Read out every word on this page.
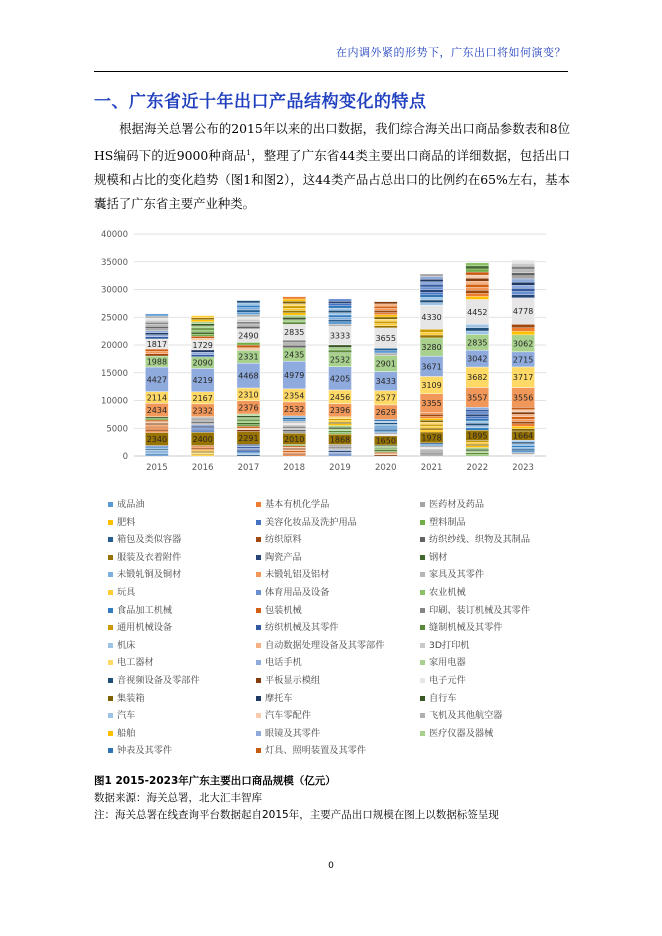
在内调外紧的形势下，广东出口将如何演变？
一、广东省近十年出口产品结构变化的特点
根据海关总署公布的2015年以来的出口数据，我们综合海关出口商品参数表和8位HS编码下的近9000种商品$^1$，整理了广东省44类主要出口商品的详细数据，包括出口规模和占比的变化趋势（图1和图2），这44类产品占总出口的比例约在65%左右，基本囊括了广东省主要产业种类。
0
5000
10000
15000
20000
25000
30000
35000
40000
2340
2434
2114
4427
1988
1817
2015
2400
2332
2167
4219
2090
1729
2016
2291
2376
2310
4468
2331
2490
2017
2010
2532
2354
4979
2435
2835
2018
1868
2396
2456
4205
2532
3333
2019
1650
2629
2577
3433
2901
3655
2020
1978
3355
3109
3671
3280
4330
2021
1895
3557
3682
3042
2835
4452
2022
1664
3556
3717
2715
3062
4778
2023
成品油	基本有机化学品	医药材及药品
肥料	美容化妆品及洗护用品	塑料制品
箱包及类似容器	纺织原料	纺织纱线、织物及其制品
服装及衣着附件	陶瓷产品	钢材
未锻轧铜及铜材	未锻轧铝及铝材	家具及其零件
玩具	体育用品及设备	农业机械
食品加工机械	包装机械	印刷、装订机械及其零件
通用机械设备	纺织机械及其零件	缝制机械及其零件
机床	自动数据处理设备及其零部件	3D打印机
电工器材	电话手机	家用电器
音视频设备及零部件	平板显示模组	电子元件
集装箱	摩托车	自行车
汽车	汽车零配件	飞机及其他航空器
船舶	眼镜及其零件	医疗仪器及器械
钟表及其零件	灯具、照明装置及其零件
图1 2015-2023年广东主要出口商品规模（亿元）
数据来源：海关总署，北大汇丰智库
注：海关总署在线查询平台数据起自2015年，主要产品出口规模在图上以数据标签呈现
0
